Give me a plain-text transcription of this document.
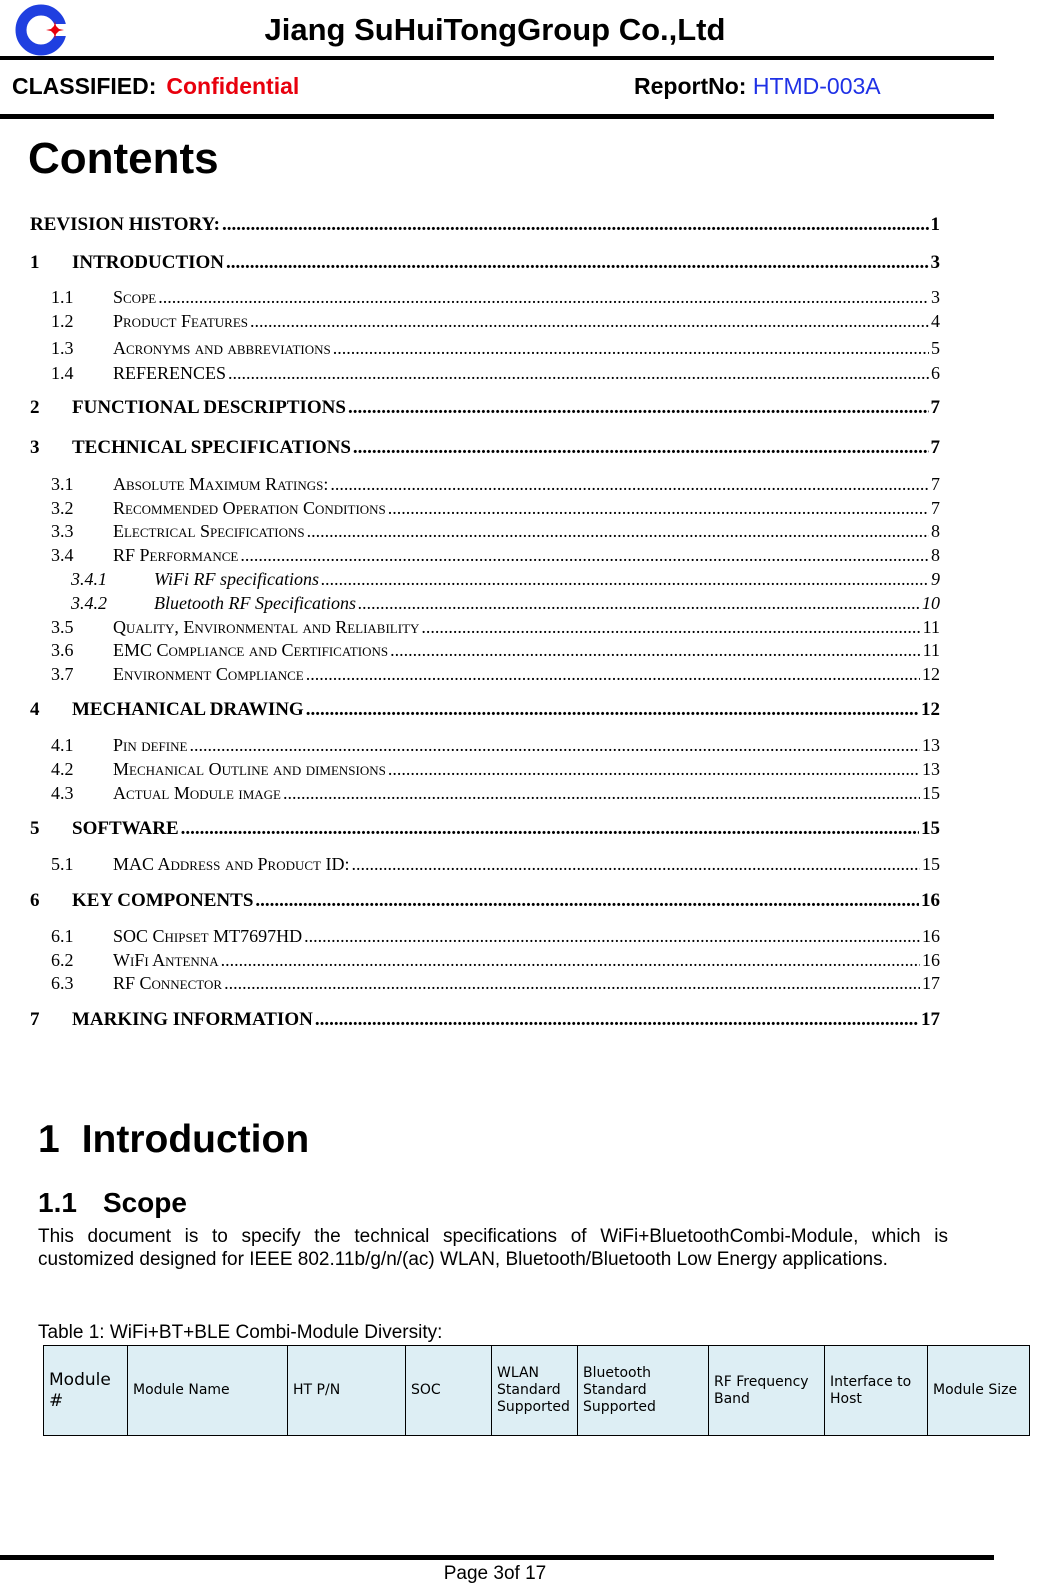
Jiang SuHuiTongGroup Co.,Ltd
CLASSIFIED: Confidential	ReportNo: HTMD-003A
Contents
REVISION HISTORY: .....	1
1	INTRODUCTION .....	3
1.1	Scope .....	3
1.2	Product Features .....	4
1.3	Acronyms and abbreviations .....	5
1.4	REFERENCES .....	6
2	FUNCTIONAL DESCRIPTIONS .....	7
3	TECHNICAL SPECIFICATIONS .....	7
3.1	Absolute Maximum Ratings: .....	7
3.2	Recommended Operation Conditions .....	7
3.3	Electrical Specifications .....	8
3.4	RF Performance .....	8
3.4.1	WiFi RF specifications .....	9
3.4.2	Bluetooth RF Specifications .....	10
3.5	Quality, Environmental and Reliability .....	11
3.6	EMC Compliance and Certifications .....	11
3.7	Environment Compliance .....	12
4	MECHANICAL DRAWING .....	12
4.1	Pin define .....	13
4.2	Mechanical Outline and dimensions .....	13
4.3	Actual Module image .....	15
5	SOFTWARE .....	15
5.1	MAC Address and Product ID: .....	15
6	KEY COMPONENTS .....	16
6.1	SOC Chipset MT7697HD .....	16
6.2	WiFi Antenna .....	16
6.3	RF Connector .....	17
7	MARKING INFORMATION .....	17
1 Introduction
1.1 Scope
This document is to specify the technical specifications of WiFi+BluetoothCombi-Module, which is customized designed for IEEE 802.11b/g/n/(ac) WLAN, Bluetooth/Bluetooth Low Energy applications.
Table 1: WiFi+BT+BLE Combi-Module Diversity:
Module #	Module Name	HT P/N	SOC	WLAN Standard Supported	Bluetooth Standard Supported	RF Frequency Band	Interface to Host	Module Size
Page 3of 17
